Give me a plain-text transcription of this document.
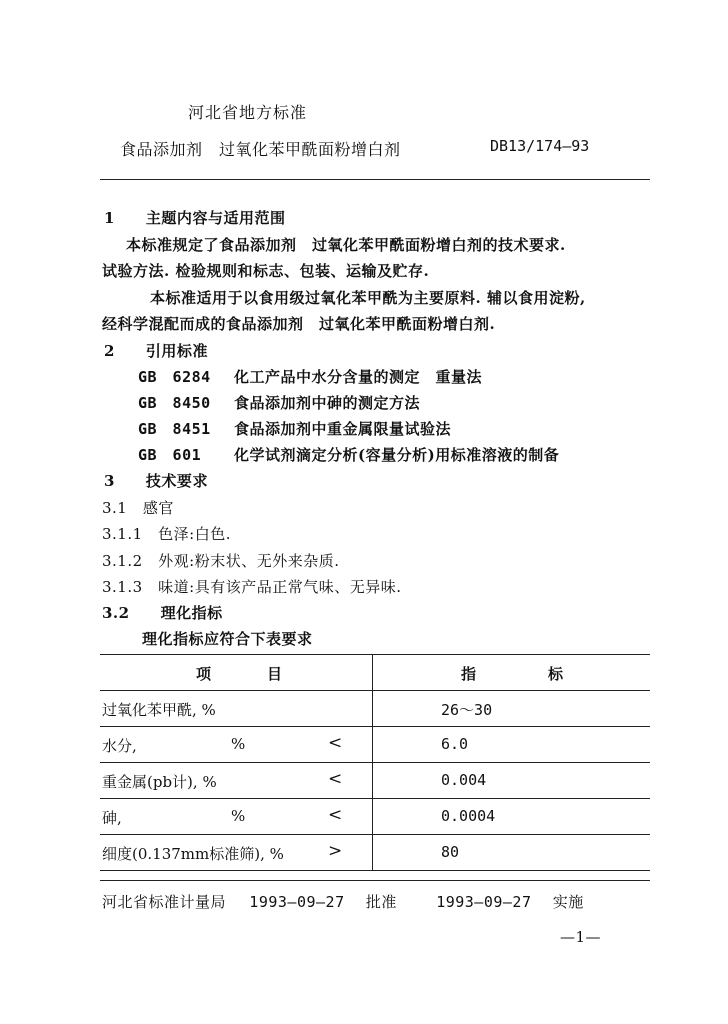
河北省地方标准
食品添加剂　过氧化苯甲酰面粉增白剂	DB13/174—93
1　　主题内容与适用范围
本标准规定了食品添加剂　过氧化苯甲酰面粉增白剂的技术要求.
试验方法. 检验规则和标志、包装、运输及贮存.
本标准适用于以食用级过氧化苯甲酰为主要原料. 辅以食用淀粉,
经科学混配而成的食品添加剂　过氧化苯甲酰面粉增白剂.
2　　引用标准
GB　6284 化工产品中水分含量的测定　重量法
GB　8450 食品添加剂中砷的测定方法
GB　8451 食品添加剂中重金属限量试验法
GB　601 化学试剂滴定分析(容量分析)用标准溶液的制备
3　　技术要求
3.1　感官
3.1.1　色泽:白色.
3.1.2　外观:粉末状、无外来杂质.
3.1.3　味道:具有该产品正常气味、无异味.
3.2　　理化指标
理化指标应符合下表要求
项目	指标

过氧化苯甲酰, %	26～30

水分, % <	6.0

重金属(pb计), % <	0.004

砷, % <	0.0004

细度(0.137mm标准筛), % >	80
河北省标准计量局 1993—09—27 批准	1993—09—27 实施
—1—
